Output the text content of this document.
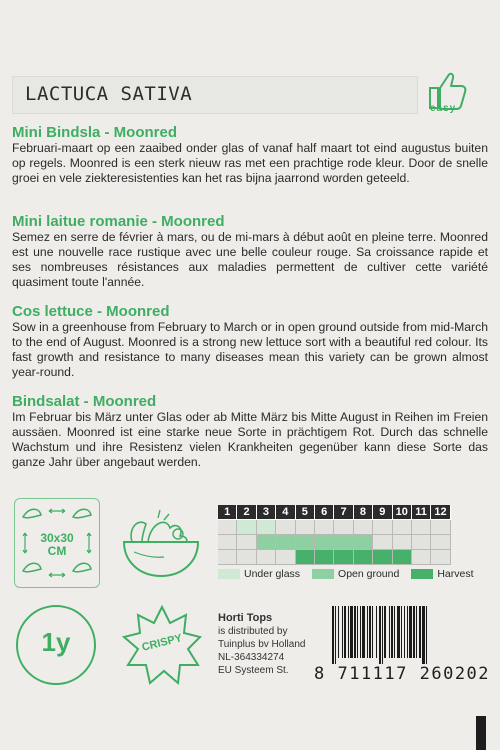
LACTUCA SATIVA
easy
Mini Bindsla - Moonred

Februari-maart op een zaaibed onder glas of vanaf half maart tot eind augustus buiten op regels. Moonred is een sterk nieuw ras met een prachtige rode kleur. Door de snelle groei en vele ziekteresistenties kan het ras bijna jaarrond worden geteeld.

Mini laitue romanie - Moonred

Semez en serre de février à mars, ou de mi-mars à début août en pleine terre. Moonred est une nouvelle race rustique avec une belle couleur rouge. Sa croissance rapide et ses nombreuses résistances aux maladies permettent de cultiver cette variété quasiment toute l'année.

Cos lettuce - Moonred

Sow in a greenhouse from February to March or in open ground outside from mid-March to the end of August. Moonred is a strong new lettuce sort with a beautiful red colour. Its fast growth and resistance to many diseases mean this variety can be grown almost year-round.

Bindsalat - Moonred

Im Februar bis März unter Glas oder ab Mitte März bis Mitte August in Reihen im Freien aussäen. Moonred ist eine starke neue Sorte in prächtigem Rot. Durch das schnelle Wachstum und ihre Resistenz vielen Krankheiten gegenüber kann diese Sorte das ganze Jahr über angebaut werden.

30x30
CM
1y	CRISPY
1	2	3	4	5	6	7	8	9 10 11 12
Under glass	Open ground	Harvest
Horti Tops
is distributed by
Tuinplus bv Holland
NL-364334274
EU Systeem St.	8 711117 260202
